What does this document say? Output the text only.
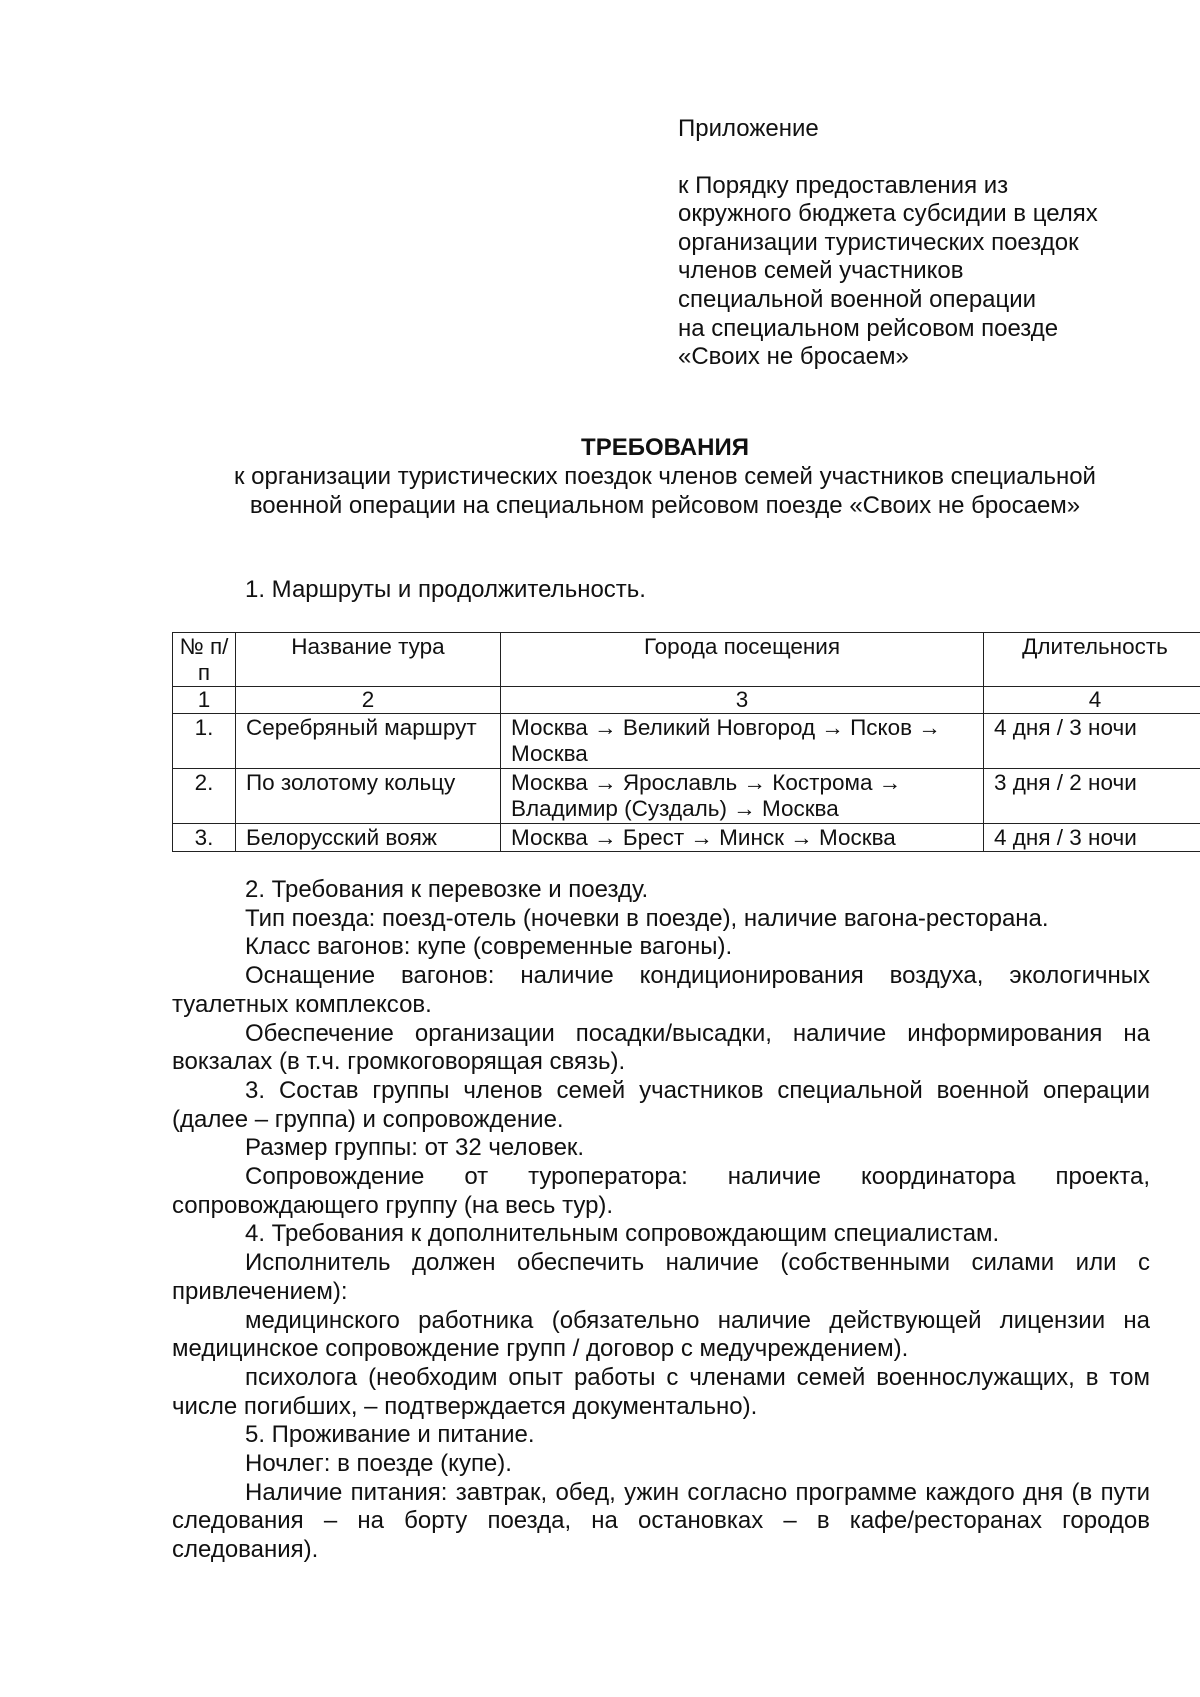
Приложение
к Порядку предоставления из
окружного бюджета субсидии в целях
организации туристических поездок
членов семей участников
специальной военной операции
на специальном рейсовом поезде
«Своих не бросаем»
ТРЕБОВАНИЯ
к организации туристических поездок членов семей участников специальной
военной операции на специальном рейсовом поезде «Своих не бросаем»
1. Маршруты и продолжительность.
№ п/п	Название тура	Города посещения	Длительность
1	2	3	4
1.	Серебряный маршрут	Москва → Великий Новгород → Псков → Москва	4 дня / 3 ночи
2.	По золотому кольцу	Москва → Ярославль → Кострома → Владимир (Суздаль) → Москва	3 дня / 2 ночи
3.	Белорусский вояж	Москва → Брест → Минск → Москва	4 дня / 3 ночи

2. Требования к перевозке и поезду.

Тип поезда: поезд-отель (ночевки в поезде), наличие вагона-ресторана.

Класс вагонов: купе (современные вагоны).

Оснащение вагонов: наличие кондиционирования воздуха, экологичных туалетных комплексов.

Обеспечение организации посадки/высадки, наличие информирования на вокзалах (в т.ч. громкоговорящая связь).

3. Состав группы членов семей участников специальной военной операции (далее – группа) и сопровождение.

Размер группы: от 32 человек.

Сопровождение от туроператора: наличие координатора проекта, сопровождающего группу (на весь тур).

4. Требования к дополнительным сопровождающим специалистам.

Исполнитель должен обеспечить наличие (собственными силами или с привлечением):

медицинского работника (обязательно наличие действующей лицензии на медицинское сопровождение групп / договор с медучреждением).

психолога (необходим опыт работы с членами семей военнослужащих, в том числе погибших, – подтверждается документально).

5. Проживание и питание.

Ночлег: в поезде (купе).

Наличие питания: завтрак, обед, ужин согласно программе каждого дня (в пути следования – на борту поезда, на остановках – в кафе/ресторанах городов следования).
